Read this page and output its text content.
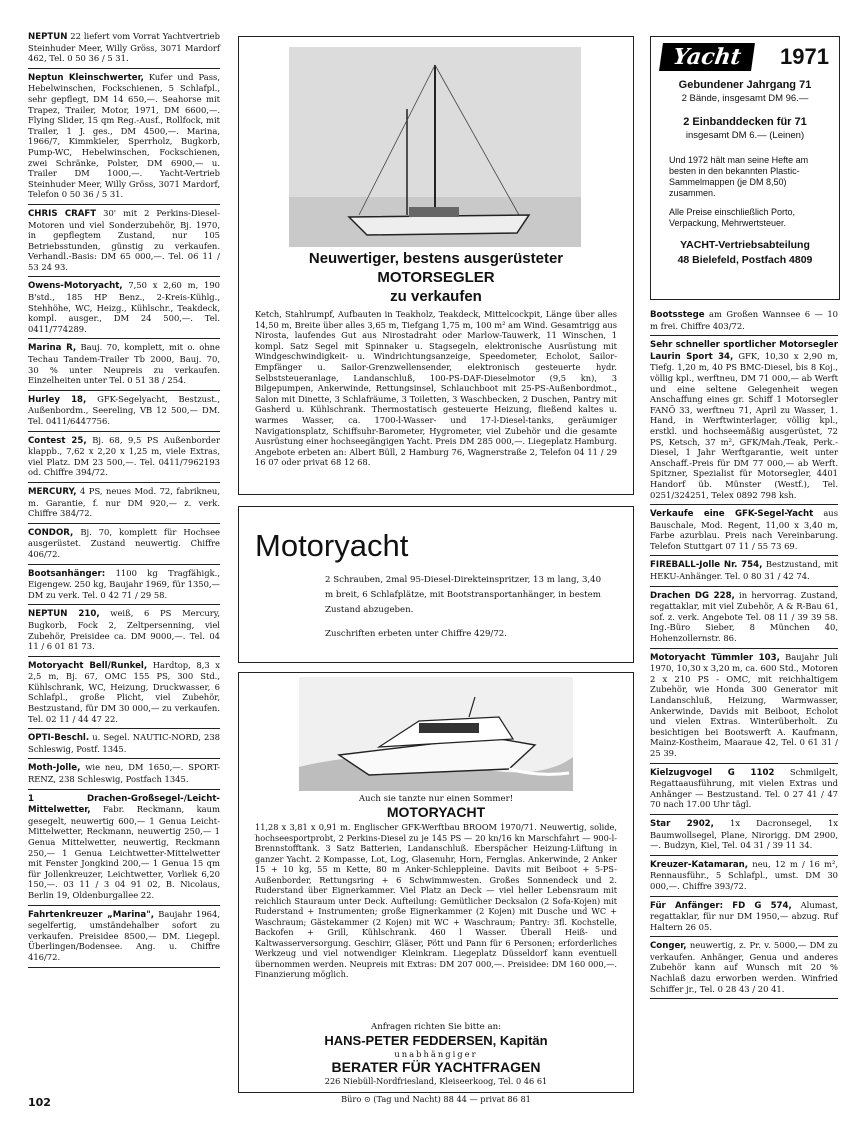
NEPTUN 22 liefert vom Vorrat Yachtvertrieb Steinhuder Meer, Willy Gröss, 3071 Mardorf 462, Tel. 0 50 36 / 5 31.
Neptun Kleinschwerter, Kufer und Pass, Hebelwinschen, Fockschienen, 5 Schlafpl., sehr gepflegt, DM 14 650,—. Seahorse mit Trapez, Trailer, Motor, 1971, DM 6600,—. Flying Slider, 15 qm Reg.-Ausf., Rollfock, mit Trailer, 1 J. ges., DM 4500,—. Marina, 1966/7, Kimmkieler, Sperrholz, Bugkorb, Pump-WC, Hebelwinschen, Fockschienen, zwei Schränke, Polster, DM 6900,— u. Trailer DM 1000,—. Yacht-Vertrieb Steinhuder Meer, Willy Gröss, 3071 Mardorf, Telefon 0 50 36 / 5 31.
CHRIS CRAFT 30' mit 2 Perkins-Diesel-Motoren und viel Sonderzubehör, Bj. 1970, in gepflegtem Zustand, nur 105 Betriebsstunden, günstig zu verkaufen. Verhandl.-Basis: DM 65 000,—. Tel. 06 11 / 53 24 93.
Owens-Motoryacht, 7,50 x 2,60 m, 190 B'std., 185 HP Benz., 2-Kreis-Kühlg., Stehhöhe, WC, Heizg., Kühlschr., Teakdeck, kompl. ausger., DM 24 500,—. Tel. 0411/774289.
Marina R, Bauj. 70, komplett, mit o. ohne Techau Tandem-Trailer Tb 2000, Bauj. 70, 30 % unter Neupreis zu verkaufen. Einzelheiten unter Tel. 0 51 38 / 254.
Hurley 18, GFK-Segelyacht, Bestzust., Außenbordm., Seereling, VB 12 500,— DM. Tel. 0411/6447756.
Contest 25, Bj. 68, 9,5 PS Außenborder klappb., 7,62 x 2,20 x 1,25 m, viele Extras, viel Platz. DM 23 500,—. Tel. 0411/7962193 od. Chiffre 394/72.
MERCURY, 4 PS, neues Mod. 72, fabrikneu, m. Garantie, f. nur DM 920,— z. verk. Chiffre 384/72.
CONDOR, Bj. 70, komplett für Hochsee ausgerüstet. Zustand neuwertig. Chiffre 406/72.
Bootsanhänger: 1100 kg Tragfähigk., Eigengew. 250 kg, Baujahr 1969, für 1350,— DM zu verk. Tel. 0 42 71 / 29 58.
NEPTUN 210, weiß, 6 PS Mercury, Bugkorb, Fock 2, Zeltpersenning, viel Zubehör, Preisidee ca. DM 9000,—. Tel. 04 11 / 6 01 81 73.
Motoryacht Bell/Runkel, Hardtop, 8,3 x 2,5 m, Bj. 67, OMC 155 PS, 300 Std., Kühlschrank, WC, Heizung, Druckwasser, 6 Schlafpl., große Plicht, viel Zubehör, Bestzustand, für DM 30 000,— zu verkaufen. Tel. 02 11 / 44 47 22.
OPTI-Beschl. u. Segel. NAUTIC-NORD, 238 Schleswig, Postf. 1345.
Moth-Jolle, wie neu, DM 1650,—. SPORT-RENZ, 238 Schleswig, Postfach 1345.
1 Drachen-Großsegel-/Leicht-Mittelwetter, Fabr. Reckmann, kaum gesegelt, neuwertig 600,— 1 Genua Leicht-Mittelwetter, Reckmann, neuwertig 250,— 1 Genua Mittelwetter, neuwertig, Reckmann 250,— 1 Genua Leichtwetter-Mittelwetter mit Fenster Jongkind 200,— 1 Genua 15 qm für Jollenkreuzer, Leichtwetter, Vorliek 6,20 150,—. 03 11 / 3 04 91 02, B. Nicolaus, Berlin 19, Oldenburgallee 22.
Fahrtenkreuzer „Marina", Baujahr 1964, segelfertig, umständehalber sofort zu verkaufen. Preisidee 8500,— DM. Liegepl. Überlingen/Bodensee. Ang. u. Chiffre 416/72.
Neuwertiger, bestens ausgerüsteter
MOTORSEGLER
zu verkaufen
Ketch, Stahlrumpf, Aufbauten in Teakholz, Teakdeck, Mittelcockpit, Länge über alles 14,50 m, Breite über alles 3,65 m, Tiefgang 1,75 m, 100 m² am Wind. Gesamtrigg aus Nirosta, laufendes Gut aus Nirostadraht oder Marlow-Tauwerk, 11 Winschen, 1 kompl. Satz Segel mit Spinnaker u. Stagsegeln, elektronische Ausrüstung mit Windgeschwindigkeit- u. Windrichtungsanzeige, Speedometer, Echolot, Sailor-Empfänger u. Sailor-Grenzwellensender, elektronisch gesteuerte hydr. Selbststeueranlage, Landanschluß, 100-PS-DAF-Dieselmotor (9,5 kn), 3 Bilgepumpen, Ankerwinde, Rettungsinsel, Schlauchboot mit 25-PS-Außenbordmot., Salon mit Dinette, 3 Schlafräume, 3 Toiletten, 3 Waschbecken, 2 Duschen, Pantry mit Gasherd u. Kühlschrank. Thermostatisch gesteuerte Heizung, fließend kaltes u. warmes Wasser, ca. 1700-l-Wasser- und 17-l-Diesel-tanks, geräumiger Navigationsplatz, Schiffsuhr-Barometer, Hygrometer, viel Zubehör und die gesamte Ausrüstung einer hochseegängigen Yacht. Preis DM 285 000,—. Liegeplatz Hamburg. Angebote erbeten an: Albert Büll, 2 Hamburg 76, Wagnerstraße 2, Telefon 04 11 / 29 16 07 oder privat 68 12 68.
Motoryacht
2 Schrauben, 2mal 95-Diesel-Direkteinspritzer, 13 m lang, 3,40 m breit, 6 Schlafplätze, mit Bootstransportanhänger, in bestem Zustand abzugeben.
Zuschriften erbeten unter Chiffre 429/72.
Auch sie tanzte nur einen Sommer!
MOTORYACHT
11,28 x 3,81 x 0,91 m. Englischer GFK-Werftbau BROOM 1970/71. Neuwertig, solide, hochseesportprobt, 2 Perkins-Diesel zu je 145 PS — 20 kn/16 kn Marschfahrt — 900-l-Brennstofftank. 3 Satz Batterien, Landanschluß. Eberspächer Heizung-Lüftung in ganzer Yacht. 2 Kompasse, Lot, Log, Glasenuhr, Horn, Fernglas. Ankerwinde, 2 Anker 15 + 10 kg, 55 m Kette, 80 m Anker-Schleppleine. Davits mit Beiboot + 5-PS-Außenborder, Rettungsring + 6 Schwimmwesten. Großes Sonnendeck und 2. Ruderstand über Eignerkammer. Viel Platz an Deck — viel heller Lebensraum mit reichlich Stauraum unter Deck. Aufteilung: Gemütlicher Decksalon (2 Sofa-Kojen) mit Ruderstand + Instrumenten; große Eignerkammer (2 Kojen) mit Dusche und WC + Waschraum; Gästekammer (2 Kojen) mit WC + Waschraum; Pantry: 3fl. Kochstelle, Backofen + Grill, Kühlschrank. 460 l Wasser. Überall Heiß- und Kaltwasserversorgung. Geschirr, Gläser, Pött und Pann für 6 Personen; erforderliches Werkzeug und viel notwendiger Kleinkram. Liegeplatz Düsseldorf kann eventuell übernommen werden. Neupreis mit Extras: DM 207 000,—. Preisidee: DM 160 000,—. Finanzierung möglich.
Anfragen richten Sie bitte an:
HANS-PETER FEDDERSEN, Kapitän
unabhängiger
BERATER FÜR YACHTFRAGEN
226 Niebüll-Nordfriesland, Kleiseerkoog, Tel. 0 46 61
Büro ⊙ (Tag und Nacht) 88 44 — privat 86 81
Yacht	1971
Gebundener Jahrgang 71
2 Bände, insgesamt DM 96.—
2 Einbanddecken für 71
insgesamt DM 6.— (Leinen)
Und 1972 hält man seine Hefte am besten in den bekannten Plastic-Sammelmappen (je DM 8,50) zusammen.
Alle Preise einschließlich Porto, Verpackung, Mehrwertsteuer.
YACHT-Vertriebsabteilung
48 Bielefeld, Postfach 4809
Bootsstege am Großen Wannsee 6 — 10 m frei. Chiffre 403/72.
Sehr schneller sportlicher Motorsegler Laurin Sport 34, GFK, 10,30 x 2,90 m, Tiefg. 1,20 m, 40 PS BMC-Diesel, bis 8 Koj., völlig kpl., werftneu, DM 71 000,— ab Werft und eine seltene Gelegenheit wegen Anschaffung eines gr. Schiff 1 Motorsegler FANÖ 33, werftneu 71, April zu Wasser, 1. Hand, in Werftwinterlager, völlig kpl., erstkl. und hochseemäßig ausgerüstet, 72 PS, Ketsch, 37 m², GFK/Mah./Teak, Perk.-Diesel, 1 Jahr Werftgarantie, weit unter Anschaff.-Preis für DM 77 000,— ab Werft. Spitzner, Spezialist für Motorsegler, 4401 Handorf üb. Münster (Westf.), Tel. 0251/324251, Telex 0892 798 ksh.
Verkaufe eine GFK-Segel-Yacht aus Bauschale, Mod. Regent, 11,00 x 3,40 m, Farbe azurblau. Preis nach Vereinbarung. Telefon Stuttgart 07 11 / 55 73 69.
FIREBALL-Jolle Nr. 754, Bestzustand, mit HEKU-Anhänger. Tel. 0 80 31 / 42 74.
Drachen DG 228, in hervorrag. Zustand, regattaklar, mit viel Zubehör, A & R-Bau 61, sof. z. verk. Angebote Tel. 08 11 / 39 39 58. Ing.-Büro Sieber, 8 München 40, Hohenzollernstr. 86.
Motoryacht Tümmler 103, Baujahr Juli 1970, 10,30 x 3,20 m, ca. 600 Std., Motoren 2 x 210 PS - OMC, mit reichhaltigem Zubehör, wie Honda 300 Generator mit Landanschluß, Heizung, Warmwasser, Ankerwinde, Davids mit Beiboot, Echolot und vielen Extras. Winterüberholt. Zu besichtigen bei Bootswerft A. Kaufmann, Mainz-Kostheim, Maaraue 42, Tel. 0 61 31 / 25 39.
Kielzugvogel G 1102 Schmilgelt, Regattaausführung, mit vielen Extras und Anhänger — Bestzustand. Tel. 0 27 41 / 47 70 nach 17.00 Uhr tägl.
Star 2902, 1x Dacronsegel, 1x Baumwollsegel, Plane, Nirorigg. DM 2900,—. Budzyn, Kiel, Tel. 04 31 / 39 11 34.
Kreuzer-Katamaran, neu, 12 m / 16 m², Rennausführ., 5 Schlafpl., umst. DM 30 000,—. Chiffre 393/72.
Für Anfänger: FD G 574, Alumast, regattaklar, für nur DM 1950,— abzug. Ruf Haltern 26 05.
Conger, neuwertig, z. Pr. v. 5000,— DM zu verkaufen. Anhänger, Genua und anderes Zubehör kann auf Wunsch mit 20 % Nachlaß dazu erworben werden. Winfried Schiffer jr., Tel. 0 28 43 / 20 41.
102
